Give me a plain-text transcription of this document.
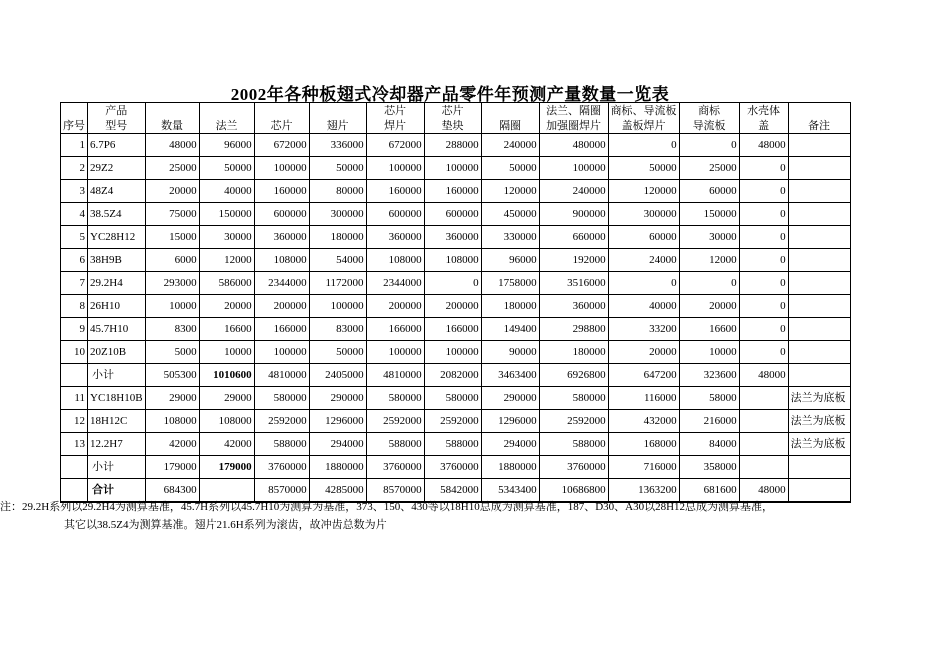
2002年各种板翅式冷却器产品零件年预测产量数量一览表
	产品					芯片	芯片		法兰、隔圈	商标、导流板	商标	水壳体	
序号	型号	数量	法兰	芯片	翅片	焊片	垫块	隔圈	加强圈焊片	盖板焊片	导流板	盖	备注
1	6.7P6	48000	96000	672000	336000	672000	288000	240000	480000	0	0	48000	
2	29Z2	25000	50000	100000	50000	100000	100000	50000	100000	50000	25000	0	
3	48Z4	20000	40000	160000	80000	160000	160000	120000	240000	120000	60000	0	
4	38.5Z4	75000	150000	600000	300000	600000	600000	450000	900000	300000	150000	0	
5	YC28H12	15000	30000	360000	180000	360000	360000	330000	660000	60000	30000	0	
6	38H9B	6000	12000	108000	54000	108000	108000	96000	192000	24000	12000	0	
7	29.2H4	293000	586000	2344000	1172000	2344000	0	1758000	3516000	0	0	0	
8	26H10	10000	20000	200000	100000	200000	200000	180000	360000	40000	20000	0	
9	45.7H10	8300	16600	166000	83000	166000	166000	149400	298800	33200	16600	0	
10	20Z10B	5000	10000	100000	50000	100000	100000	90000	180000	20000	10000	0	
	小计	505300	1010600	4810000	2405000	4810000	2082000	3463400	6926800	647200	323600	48000	
11	YC18H10B	29000	29000	580000	290000	580000	580000	290000	580000	116000	58000		法兰为底板
12	18H12C	108000	108000	2592000	1296000	2592000	2592000	1296000	2592000	432000	216000		法兰为底板
13	12.2H7	42000	42000	588000	294000	588000	588000	294000	588000	168000	84000		法兰为底板
	小计	179000	179000	3760000	1880000	3760000	3760000	1880000	3760000	716000	358000		
	合计	684300		8570000	4285000	8570000	5842000	5343400	10686800	1363200	681600	48000	
注：29.2H系列以29.2H4为测算基准，45.7H系列以45.7H10为测算为基准，373、150、430等以18H10总成为测算基准，187、D30、A30以28H12总成为测算基准，
其它以38.5Z4为测算基准。翅片21.6H系列为滚齿，故冲齿总数为片
